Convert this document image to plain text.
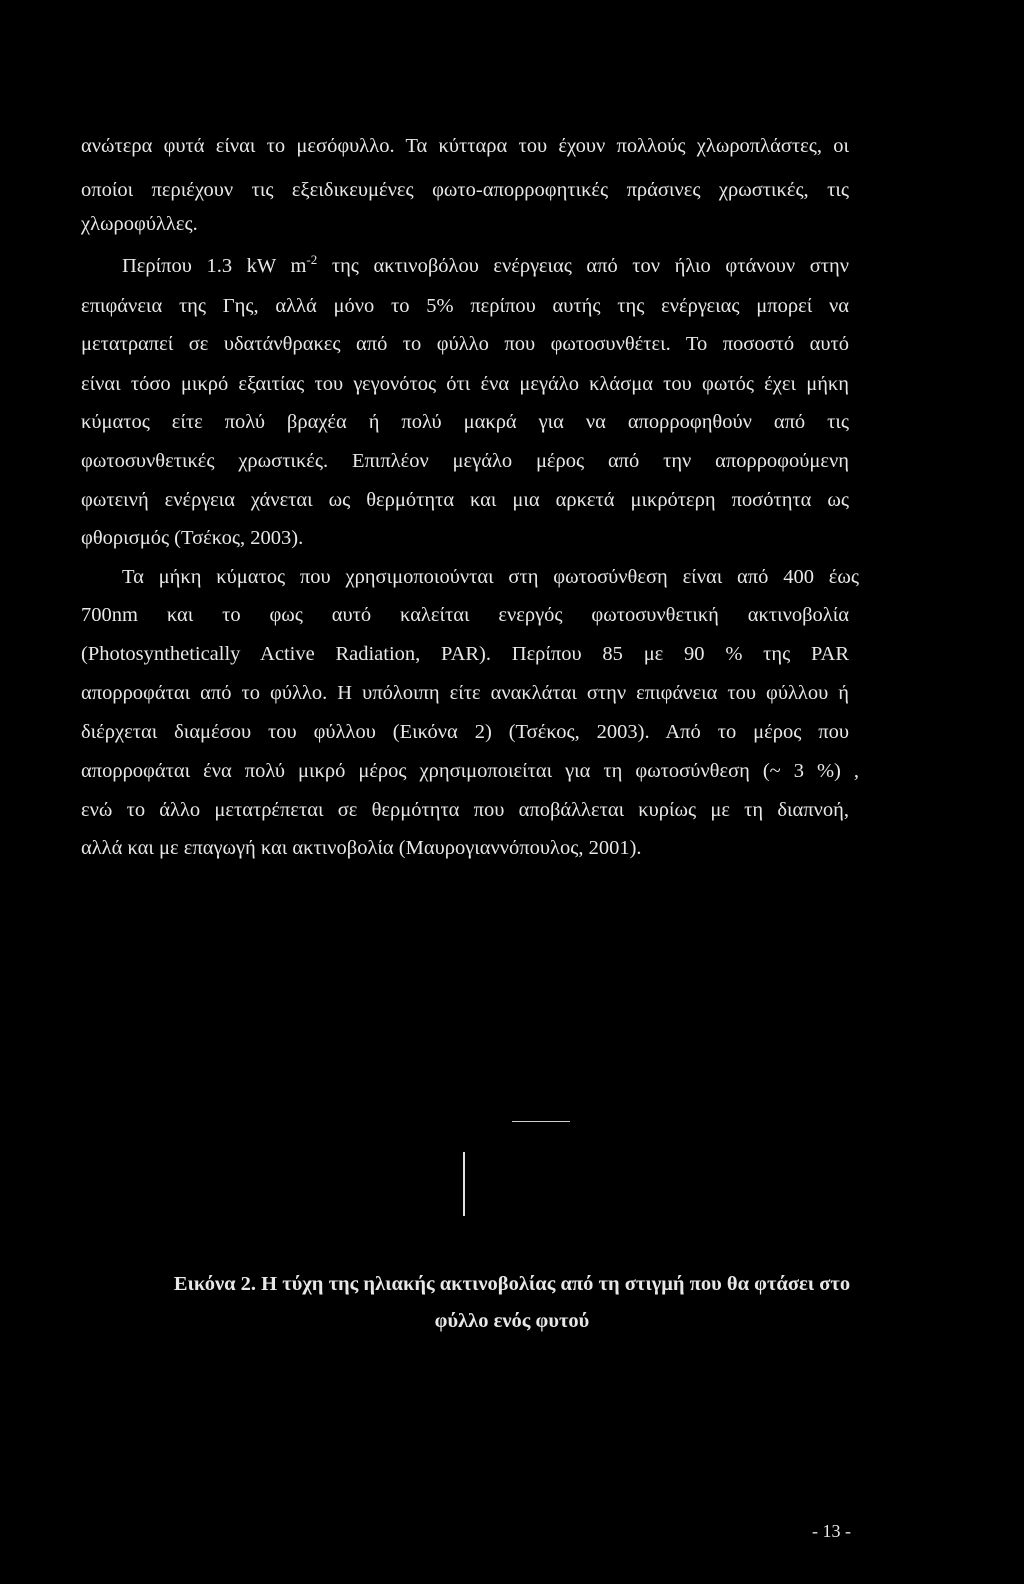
ανώτερα φυτά είναι το μεσόφυλλο. Τα κύτταρα του έχουν πολλούς χλωροπλάστες, οι
οποίοι περιέχουν τις εξειδικευμένες φωτο-απορροφητικές πράσινες χρωστικές, τις
χλωροφύλλες.
Περίπου 1.3 kW $m^{-2}$ της ακτινοβόλου ενέργειας από τον ήλιο φτάνουν στην
επιφάνεια της Γης, αλλά μόνο το 5% περίπου αυτής της ενέργειας μπορεί να
μετατραπεί σε υδατάνθρακες από το φύλλο που φωτοσυνθέτει. Το ποσοστό αυτό
είναι τόσο μικρό εξαιτίας του γεγονότος ότι ένα μεγάλο κλάσμα του φωτός έχει μήκη
κύματος είτε πολύ βραχέα ή πολύ μακρά για να απορροφηθούν από τις
φωτοσυνθετικές χρωστικές. Επιπλέον μεγάλο μέρος από την απορροφούμενη
φωτεινή ενέργεια χάνεται ως θερμότητα και μια αρκετά μικρότερη ποσότητα ως
φθορισμός (Τσέκος, 2003).
Τα μήκη κύματος που χρησιμοποιούνται στη φωτοσύνθεση είναι από 400 έως
700nm και το φως αυτό καλείται ενεργός φωτοσυνθετική ακτινοβολία
(Photosynthetically Active Radiation, PAR). Περίπου 85 με 90 % της PAR
απορροφάται από το φύλλο. Η υπόλοιπη είτε ανακλάται στην επιφάνεια του φύλλου ή
διέρχεται διαμέσου του φύλλου (Εικόνα 2) (Τσέκος, 2003). Από το μέρος που
απορροφάται ένα πολύ μικρό μέρος χρησιμοποιείται για τη φωτοσύνθεση (~ 3 %) ,
ενώ το άλλο μετατρέπεται σε θερμότητα που αποβάλλεται κυρίως με τη διαπνοή,
αλλά και με επαγωγή και ακτινοβολία (Μαυρογιαννόπουλος, 2001).
Εικόνα 2. Η τύχη της ηλιακής ακτινοβολίας από τη στιγμή που θα φτάσει στο
φύλλο ενός φυτού
- 13 -
